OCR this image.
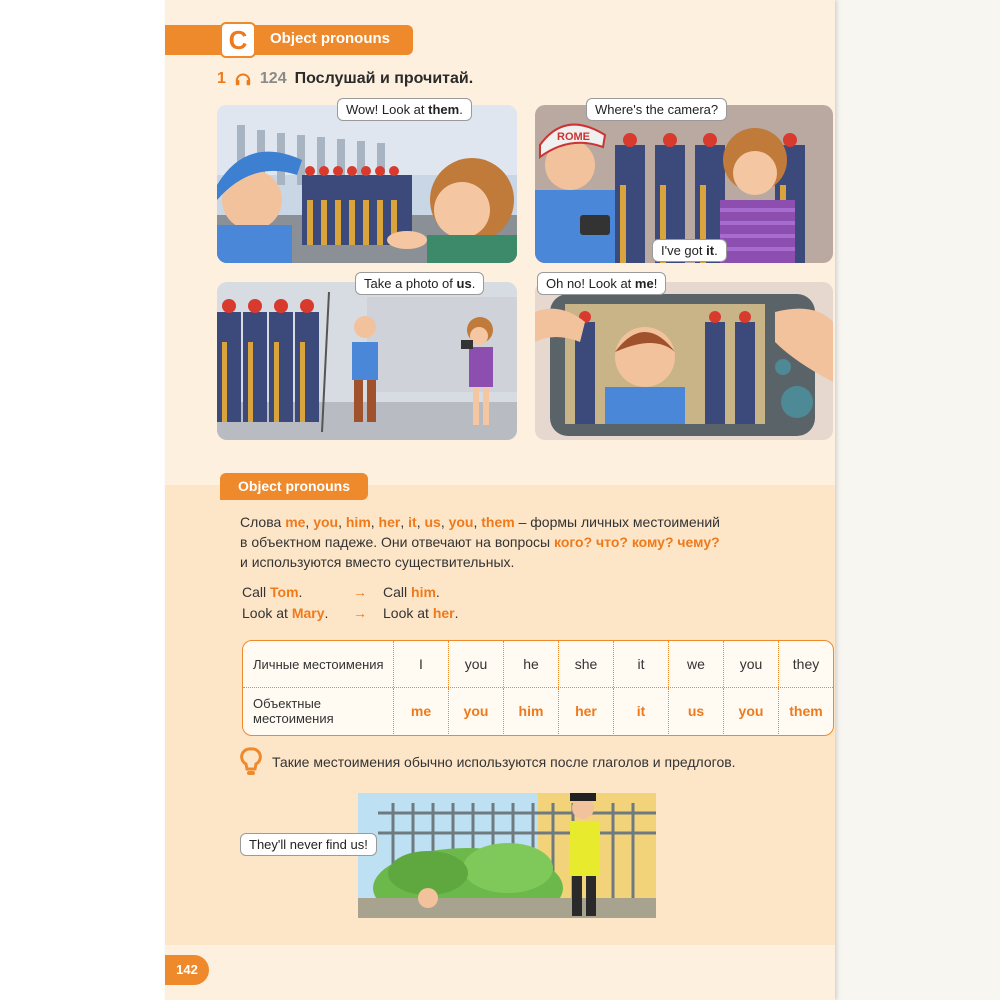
C	Object pronouns
1 124 Послушай и прочитай.
ROME
Wow! Look at them.	Where's the camera?
I've got it.
Take a photo of us.	Oh no! Look at me!
Object pronouns
Слова me, you, him, her, it, us, you, them – формы личных местоимений
в объектном падеже. Они отвечают на вопросы кого? что? кому? чему?
и используются вместо существительных.
Call Tom.	→ Call him.
Look at Mary. → Look at her.
Личные местоимения	I	you	he	she	it	we	you	they
Объектные местоимения	me	you	him	her	it	us	you	them
Такие местоимения обычно используются после глаголов и предлогов.
They'll never find us!
142
